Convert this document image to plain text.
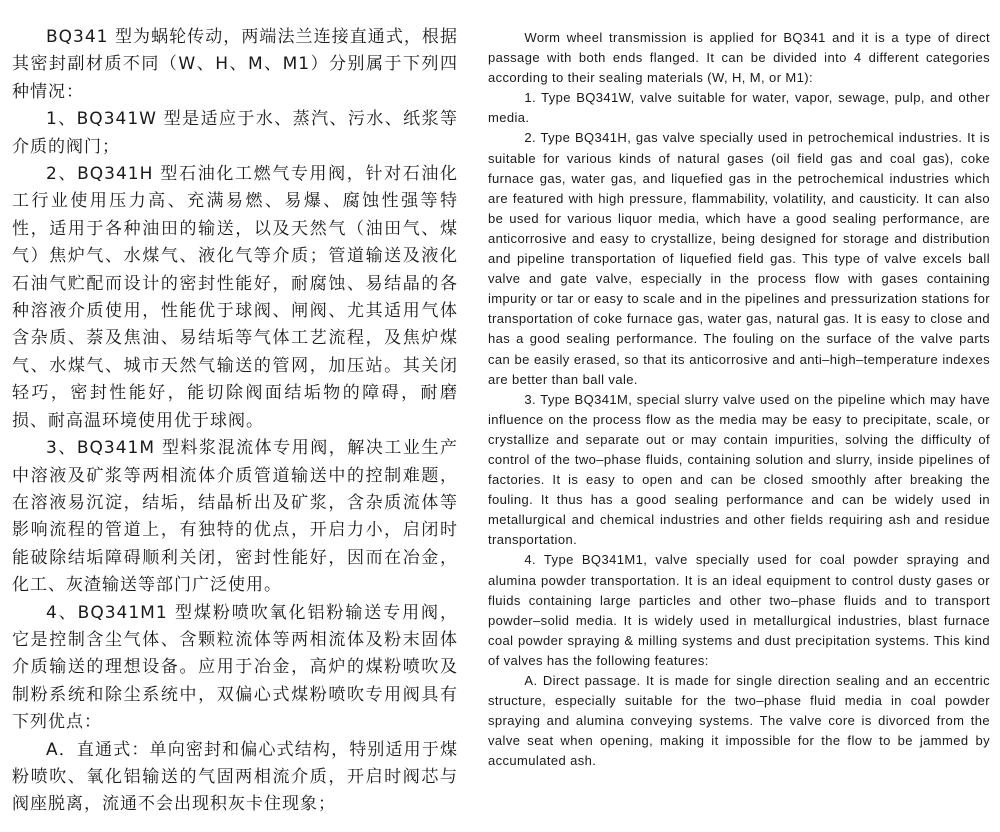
BQ341 型为蜗轮传动，两端法兰连接直通式，根据其密封副材质不同（W、H、M、M1）分别属于下列四种情况：

1、BQ341W 型是适应于水、蒸汽、污水、纸浆等介质的阀门；

2、BQ341H 型石油化工燃气专用阀，针对石油化工行业使用压力高、充满易燃、易爆、腐蚀性强等特性，适用于各种油田的输送，以及天然气（油田气、煤气）焦炉气、水煤气、液化气等介质；管道输送及液化石油气贮配而设计的密封性能好，耐腐蚀、易结晶的各种溶液介质使用，性能优于球阀、闸阀、尤其适用气体含杂质、萘及焦油、易结垢等气体工艺流程，及焦炉煤气、水煤气、城市天然气输送的管网，加压站。其关闭轻巧，密封性能好，能切除阀面结垢物的障碍，耐磨损、耐高温环境使用优于球阀。

3、BQ341M 型料浆混流体专用阀，解决工业生产中溶液及矿浆等两相流体介质管道输送中的控制难题，在溶液易沉淀，结垢，结晶析出及矿浆，含杂质流体等影响流程的管道上，有独特的优点，开启力小，启闭时能破除结垢障碍顺利关闭，密封性能好，因而在冶金，化工、灰渣输送等部门广泛使用。

4、BQ341M1 型煤粉喷吹氧化铝粉输送专用阀，它是控制含尘气体、含颗粒流体等两相流体及粉末固体介质输送的理想设备。应用于冶金，高炉的煤粉喷吹及制粉系统和除尘系统中，双偏心式煤粉喷吹专用阀具有下列优点：

A．直通式：单向密封和偏心式结构，特别适用于煤粉喷吹、氧化铝输送的气固两相流介质，开启时阀芯与阀座脱离，流通不会出现积灰卡住现象；

Worm wheel transmission is applied for BQ341 and it is a type of direct passage with both ends flanged. It can be divided into 4 different categories according to their sealing materials (W, H, M, or M1):

1. Type BQ341W, valve suitable for water, vapor, sewage, pulp, and other media.

2. Type BQ341H, gas valve specially used in petrochemical industries. It is suitable for various kinds of natural gases (oil field gas and coal gas), coke furnace gas, water gas, and liquefied gas in the petrochemical industries which are featured with high pressure, flammability, volatility, and causticity. It can also be used for various liquor media, which have a good sealing performance, are anticorrosive and easy to crystallize, being designed for storage and distribution and pipeline transportation of liquefied field gas. This type of valve excels ball valve and gate valve, especially in the process flow with gases containing impurity or tar or easy to scale and in the pipelines and pressurization stations for transportation of coke furnace gas, water gas, natural gas. It is easy to close and has a good sealing performance. The fouling on the surface of the valve parts can be easily erased, so that its anticorrosive and anti–high–temperature indexes are better than ball vale.

3. Type BQ341M, special slurry valve used on the pipeline which may have influence on the process flow as the media may be easy to precipitate, scale, or crystallize and separate out or may contain impurities, solving the difficulty of control of the two–phase fluids, containing solution and slurry, inside pipelines of factories. It is easy to open and can be closed smoothly after breaking the fouling. It thus has a good sealing performance and can be widely used in metallurgical and chemical industries and other fields requiring ash and residue transportation.

4. Type BQ341M1, valve specially used for coal powder spraying and alumina powder transportation. It is an ideal equipment to control dusty gases or fluids containing large particles and other two–phase fluids and to transport powder–solid media. It is widely used in metallurgical industries, blast furnace coal powder spraying & milling systems and dust precipitation systems. This kind of valves has the following features:

A. Direct passage. It is made for single direction sealing and an eccentric structure, especially suitable for the two–phase fluid media in coal powder spraying and alumina conveying systems. The valve core is divorced from the valve seat when opening, making it impossible for the flow to be jammed by accumulated ash.
